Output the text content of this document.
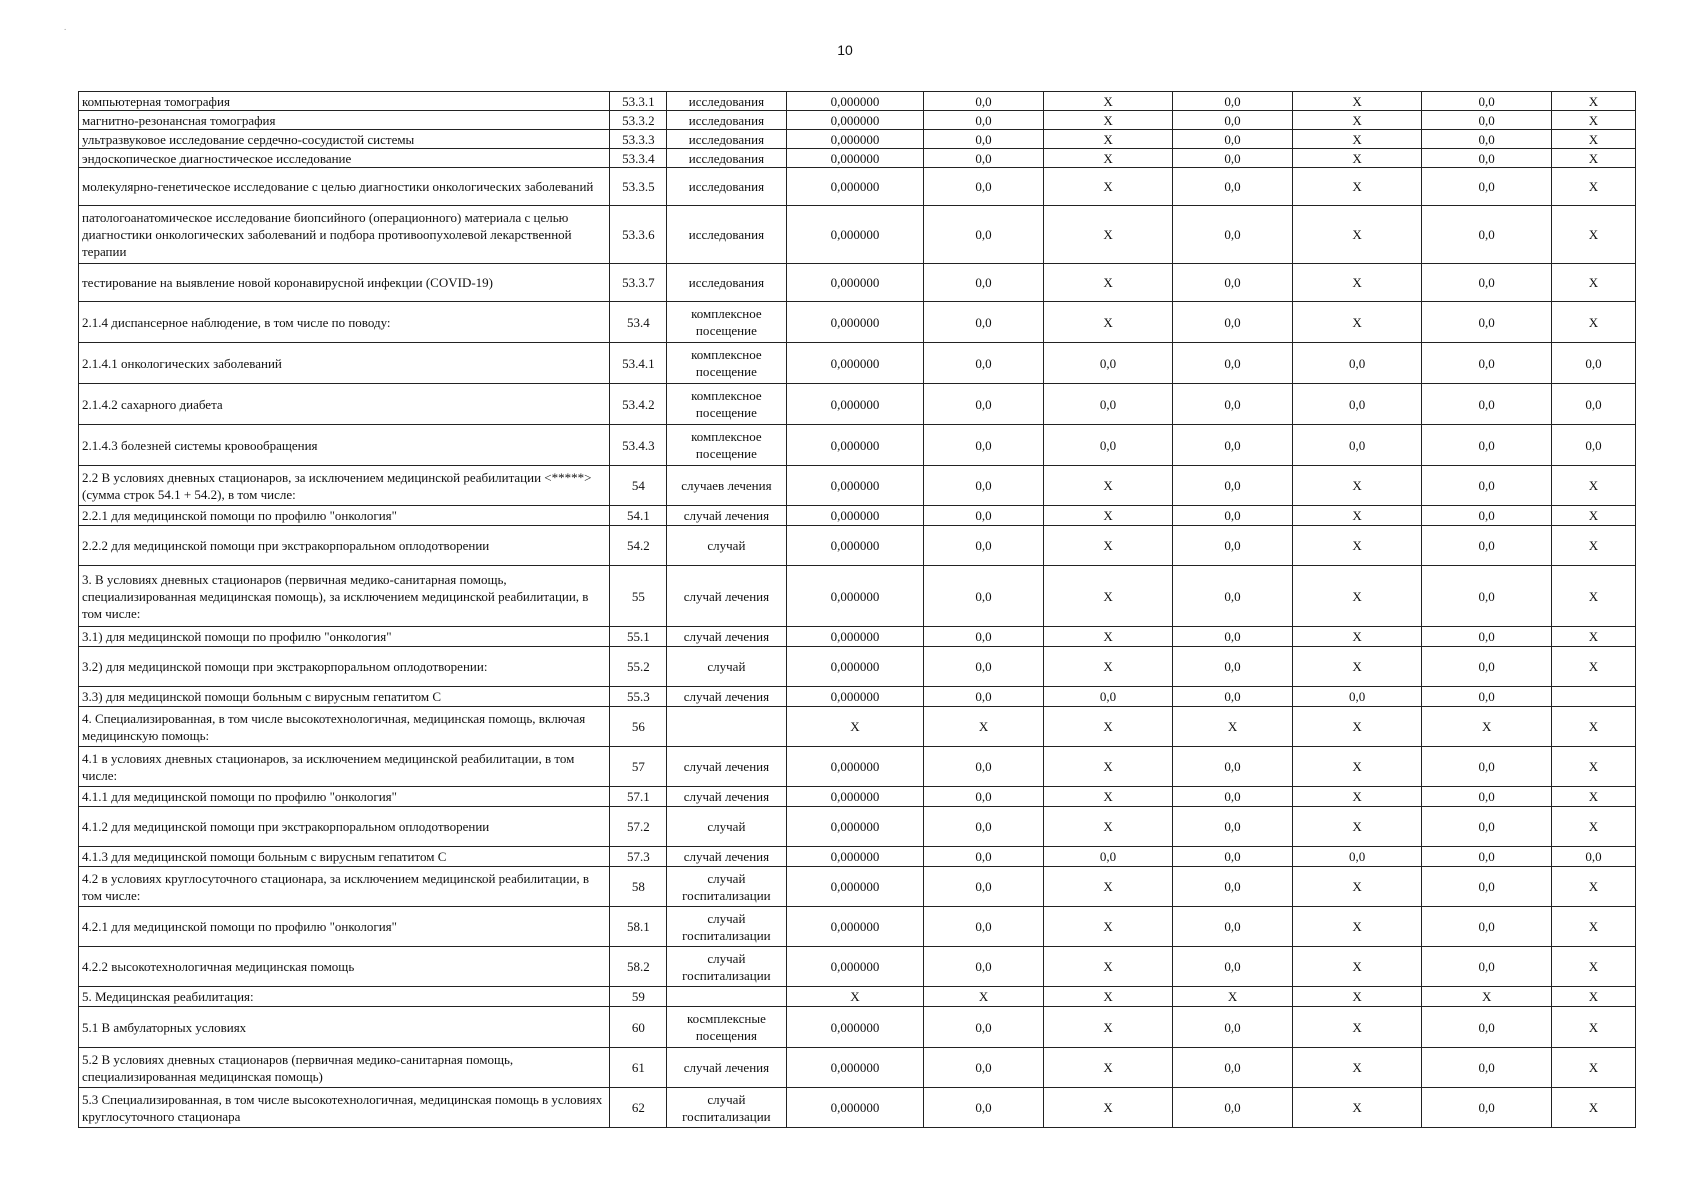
.
10
компьютерная томография	53.3.1	исследования	0,000000	0,0	X	0,0	X	0,0	X
магнитно-резонансная томография	53.3.2	исследования	0,000000	0,0	X	0,0	X	0,0	X
ультразвуковое исследование сердечно-сосудистой системы	53.3.3	исследования	0,000000	0,0	X	0,0	X	0,0	X
эндоскопическое диагностическое исследование	53.3.4	исследования	0,000000	0,0	X	0,0	X	0,0	X
молекулярно-генетическое исследование с целью диагностики онкологических заболеваний	53.3.5	исследования	0,000000	0,0	X	0,0	X	0,0	X
патологоанатомическое исследование биопсийного (операционного) материала с целью диагностики онкологических заболеваний и подбора противоопухолевой лекарственной терапии	53.3.6	исследования	0,000000	0,0	X	0,0	X	0,0	X
тестирование на выявление новой коронавирусной инфекции (COVID-19)	53.3.7	исследования	0,000000	0,0	X	0,0	X	0,0	X
2.1.4 диспансерное наблюдение, в том числе по поводу:	53.4	комплексное посещение	0,000000	0,0	X	0,0	X	0,0	X
2.1.4.1 онкологических заболеваний	53.4.1	комплексное посещение	0,000000	0,0	0,0	0,0	0,0	0,0	0,0
2.1.4.2 сахарного диабета	53.4.2	комплексное посещение	0,000000	0,0	0,0	0,0	0,0	0,0	0,0
2.1.4.3 болезней системы кровообращения	53.4.3	комплексное посещение	0,000000	0,0	0,0	0,0	0,0	0,0	0,0
2.2 В условиях дневных стационаров, за исключением медицинской реабилитации <*****> (сумма строк 54.1 + 54.2), в том числе:	54	случаев лечения	0,000000	0,0	X	0,0	X	0,0	X
2.2.1 для медицинской помощи по профилю "онкология"	54.1	случай лечения	0,000000	0,0	X	0,0	X	0,0	X
2.2.2 для медицинской помощи при экстракорпоральном оплодотворении	54.2	случай	0,000000	0,0	X	0,0	X	0,0	X
3. В условиях дневных стационаров (первичная медико-санитарная помощь, специализированная медицинская помощь), за исключением медицинской реабилитации, в том числе:	55	случай лечения	0,000000	0,0	X	0,0	X	0,0	X
3.1) для медицинской помощи по профилю "онкология"	55.1	случай лечения	0,000000	0,0	X	0,0	X	0,0	X
3.2) для медицинской помощи при экстракорпоральном оплодотворении:	55.2	случай	0,000000	0,0	X	0,0	X	0,0	X
3.3) для медицинской помощи больным с вирусным гепатитом С	55.3	случай лечения	0,000000	0,0	0,0	0,0	0,0	0,0	
4. Специализированная, в том числе высокотехнологичная, медицинская помощь, включая медицинскую помощь:	56		X	X	X	X	X	X	X
4.1 в условиях дневных стационаров, за исключением медицинской реабилитации, в том числе:	57	случай лечения	0,000000	0,0	X	0,0	X	0,0	X
4.1.1 для медицинской помощи по профилю "онкология"	57.1	случай лечения	0,000000	0,0	X	0,0	X	0,0	X
4.1.2 для медицинской помощи при экстракорпоральном оплодотворении	57.2	случай	0,000000	0,0	X	0,0	X	0,0	X
4.1.3 для медицинской помощи больным с вирусным гепатитом С	57.3	случай лечения	0,000000	0,0	0,0	0,0	0,0	0,0	0,0
4.2 в условиях круглосуточного стационара, за исключением медицинской реабилитации, в том числе:	58	случай госпитализации	0,000000	0,0	X	0,0	X	0,0	X
4.2.1 для медицинской помощи по профилю "онкология"	58.1	случай госпитализации	0,000000	0,0	X	0,0	X	0,0	X
4.2.2 высокотехнологичная медицинская помощь	58.2	случай госпитализации	0,000000	0,0	X	0,0	X	0,0	X
5. Медицинская реабилитация:	59		X	X	X	X	X	X	X
5.1 В амбулаторных условиях	60	космплексные посещения	0,000000	0,0	X	0,0	X	0,0	X
5.2 В условиях дневных стационаров (первичная медико-санитарная помощь, специализированная медицинская помощь)	61	случай лечения	0,000000	0,0	X	0,0	X	0,0	X
5.3 Специализированная, в том числе высокотехнологичная, медицинская помощь в условиях круглосуточного стационара	62	случай госпитализации	0,000000	0,0	X	0,0	X	0,0	X
